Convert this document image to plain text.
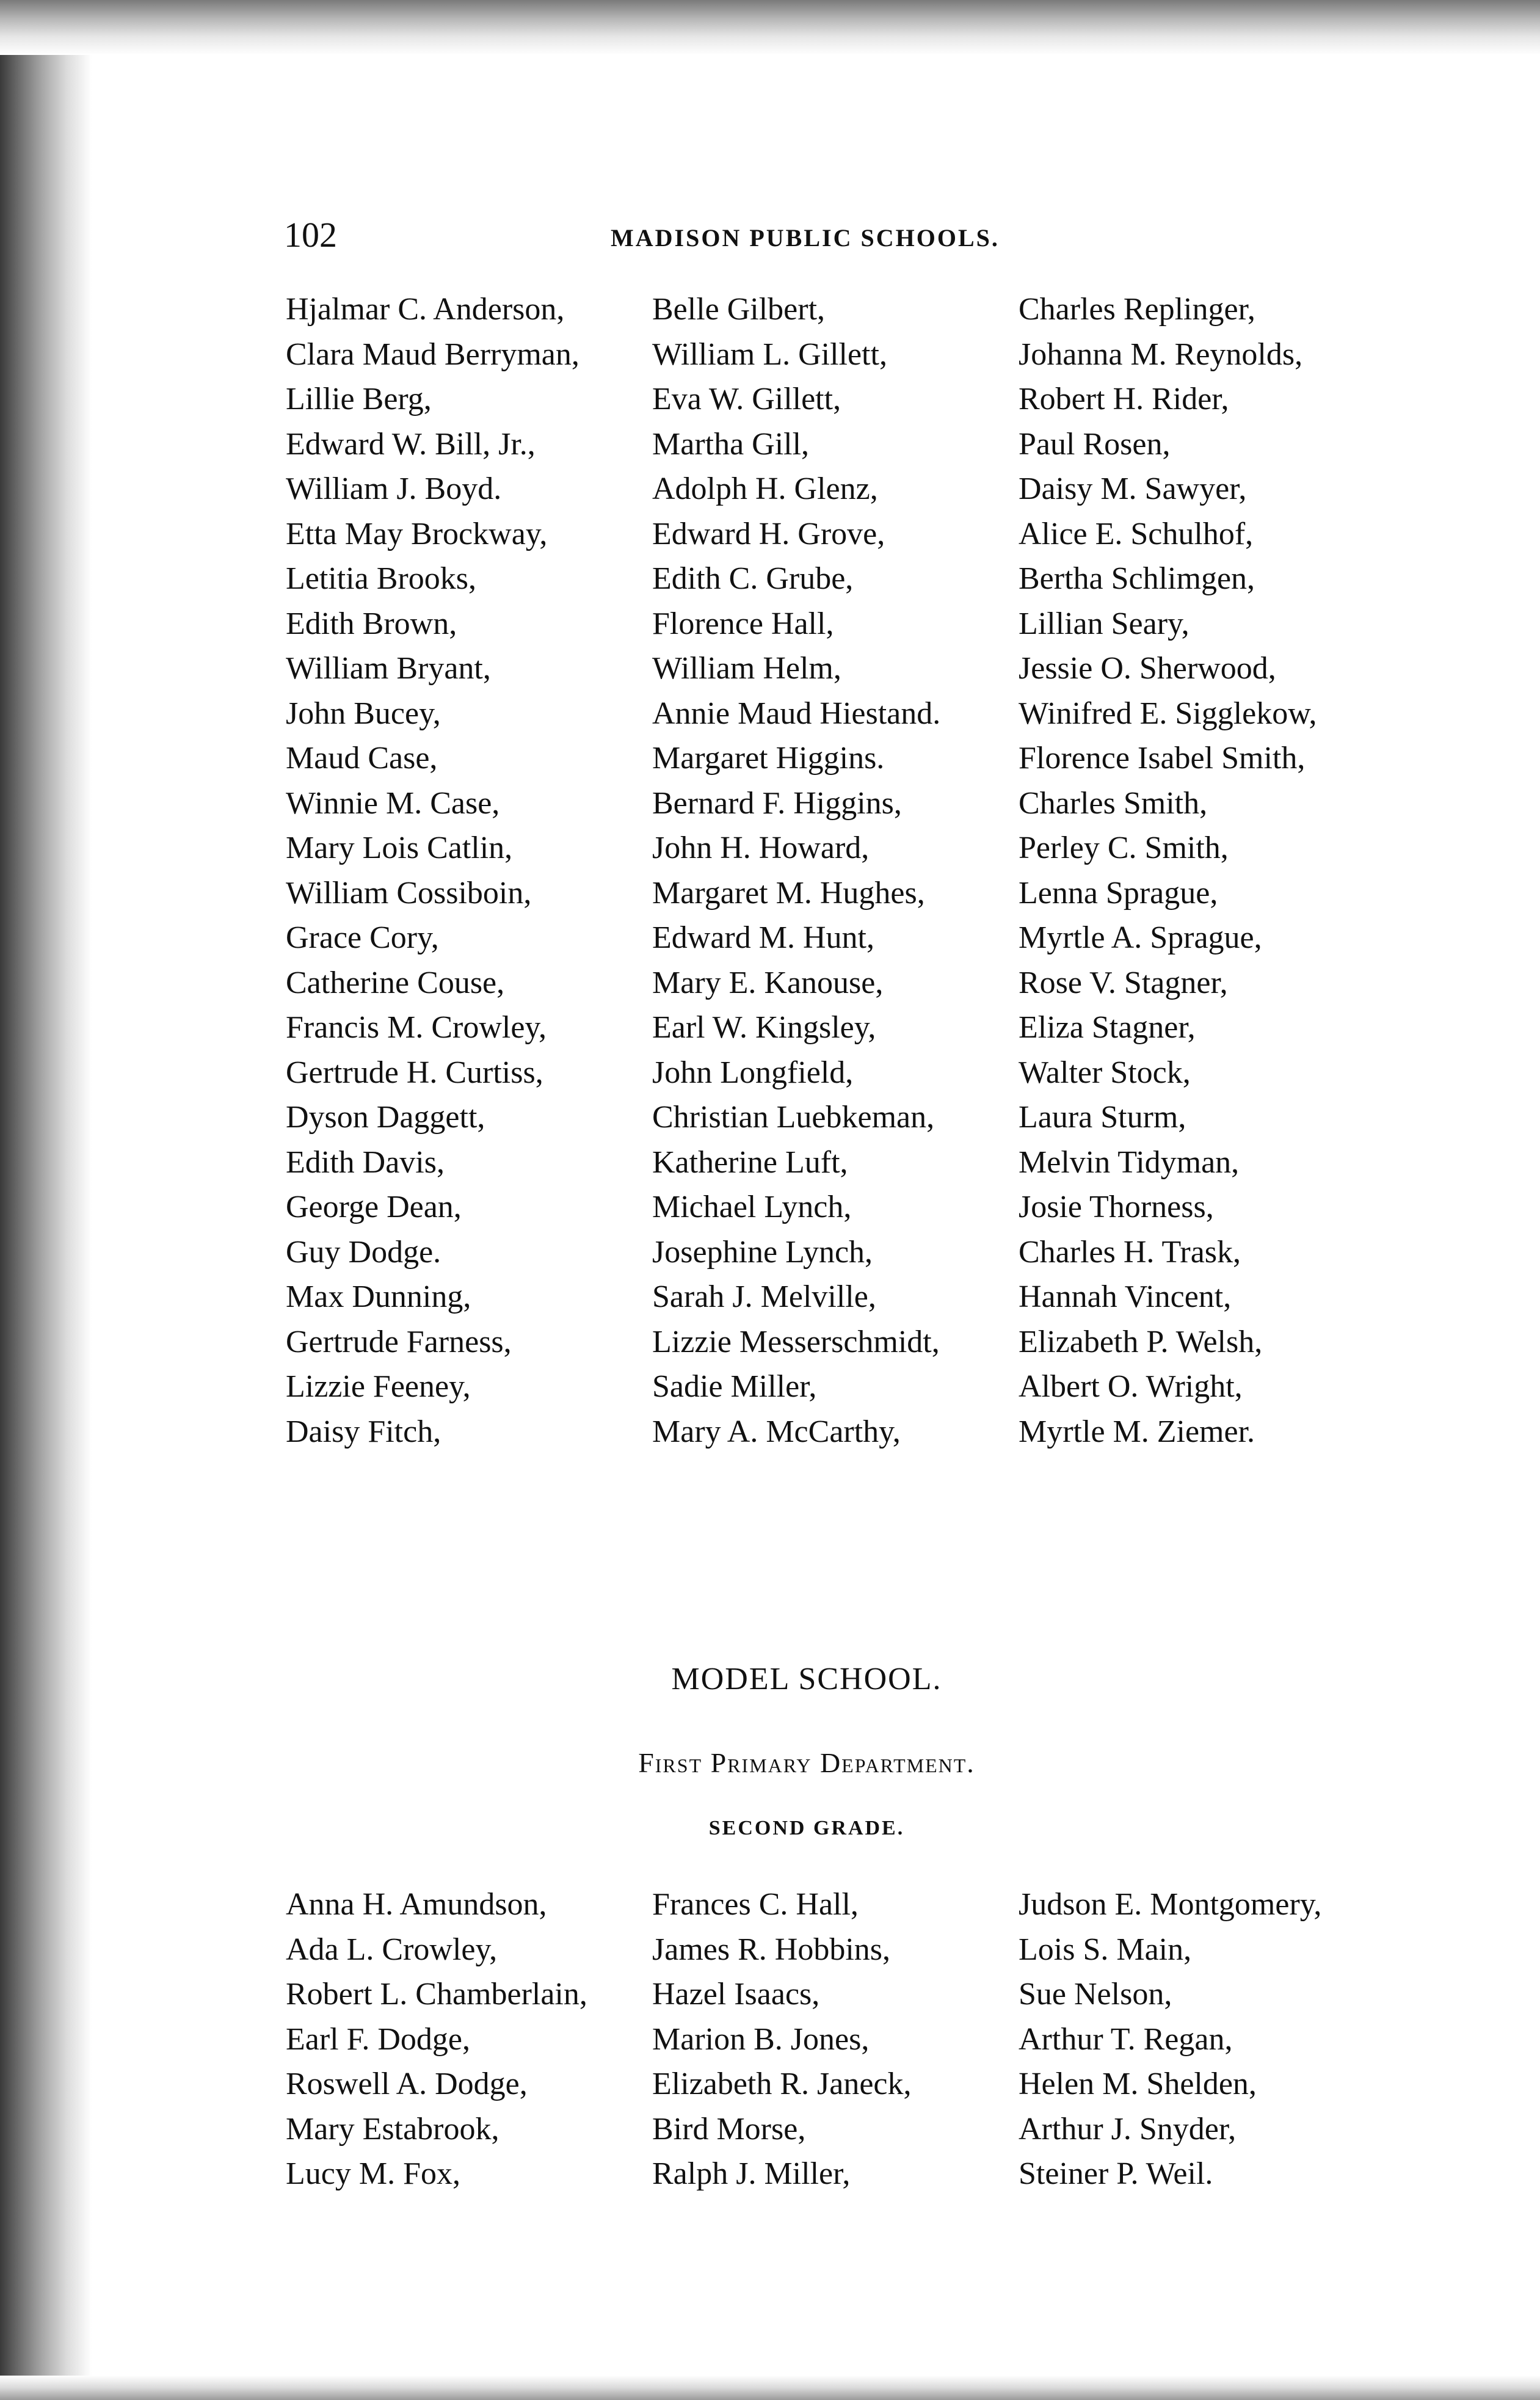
102	MADISON PUBLIC SCHOOLS.
Hjalmar C. Anderson,	Belle Gilbert,	Charles Replinger,
Clara Maud Berryman,	William L. Gillett,	Johanna M. Reynolds,
Lillie Berg,	Eva W. Gillett,	Robert H. Rider,
Edward W. Bill, Jr.,	Martha Gill,	Paul Rosen,
William J. Boyd.	Adolph H. Glenz,	Daisy M. Sawyer,
Etta May Brockway,	Edward H. Grove,	Alice E. Schulhof,
Letitia Brooks,	Edith C. Grube,	Bertha Schlimgen,
Edith Brown,	Florence Hall,	Lillian Seary,
William Bryant,	William Helm,	Jessie O. Sherwood,
John Bucey,	Annie Maud Hiestand.	Winifred E. Sigglekow,
Maud Case,	Margaret Higgins.	Florence Isabel Smith,
Winnie M. Case,	Bernard F. Higgins,	Charles Smith,
Mary Lois Catlin,	John H. Howard,	Perley C. Smith,
William Cossiboin,	Margaret M. Hughes,	Lenna Sprague,
Grace Cory,	Edward M. Hunt,	Myrtle A. Sprague,
Catherine Couse,	Mary E. Kanouse,	Rose V. Stagner,
Francis M. Crowley,	Earl W. Kingsley,	Eliza Stagner,
Gertrude H. Curtiss,	John Longfield,	Walter Stock,
Dyson Daggett,	Christian Luebkeman,	Laura Sturm,
Edith Davis,	Katherine Luft,	Melvin Tidyman,
George Dean,	Michael Lynch,	Josie Thorness,
Guy Dodge.	Josephine Lynch,	Charles H. Trask,
Max Dunning,	Sarah J. Melville,	Hannah Vincent,
Gertrude Farness,	Lizzie Messerschmidt,	Elizabeth P. Welsh,
Lizzie Feeney,	Sadie Miller,	Albert O. Wright,
Daisy Fitch,	Mary A. McCarthy,	Myrtle M. Ziemer.
MODEL SCHOOL.
First Primary Department.
SECOND GRADE.
Anna H. Amundson,	Frances C. Hall,	Judson E. Montgomery,
Ada L. Crowley,	James R. Hobbins,	Lois S. Main,
Robert L. Chamberlain,	Hazel Isaacs,	Sue Nelson,
Earl F. Dodge,	Marion B. Jones,	Arthur T. Regan,
Roswell A. Dodge,	Elizabeth R. Janeck,	Helen M. Shelden,
Mary Estabrook,	Bird Morse,	Arthur J. Snyder,
Lucy M. Fox,	Ralph J. Miller,	Steiner P. Weil.
